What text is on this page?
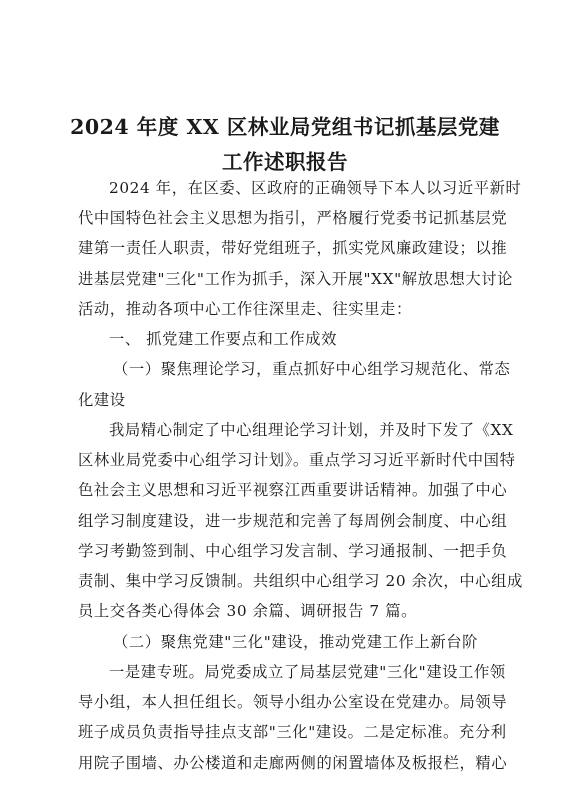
2024 年度 XX 区林业局党组书记抓基层党建
工作述职报告
2024 年，在区委、区政府的正确领导下本人以习近平新时
代中国特色社会主义思想为指引，严格履行党委书记抓基层党
建第一责任人职责，带好党组班子，抓实党风廉政建设；以推
进基层党建"三化"工作为抓手，深入开展"XX"解放思想大讨论
活动，推动各项中心工作往深里走、往实里走：
一、 抓党建工作要点和工作成效
（一）聚焦理论学习，重点抓好中心组学习规范化、常态
化建设
我局精心制定了中心组理论学习计划，并及时下发了《XX
区林业局党委中心组学习计划》。重点学习习近平新时代中国特
色社会主义思想和习近平视察江西重要讲话精神。加强了中心
组学习制度建设，进一步规范和完善了每周例会制度、中心组
学习考勤签到制、中心组学习发言制、学习通报制、一把手负
责制、集中学习反馈制。共组织中心组学习 20 余次，中心组成
员上交各类心得体会 30 余篇、调研报告 7 篇。
（二）聚焦党建"三化"建设，推动党建工作上新台阶
一是建专班。局党委成立了局基层党建"三化"建设工作领
导小组，本人担任组长。领导小组办公室设在党建办。局领导
班子成员负责指导挂点支部"三化"建设。二是定标准。充分利
用院子围墙、办公楼道和走廊两侧的闲置墙体及板报栏，精心
